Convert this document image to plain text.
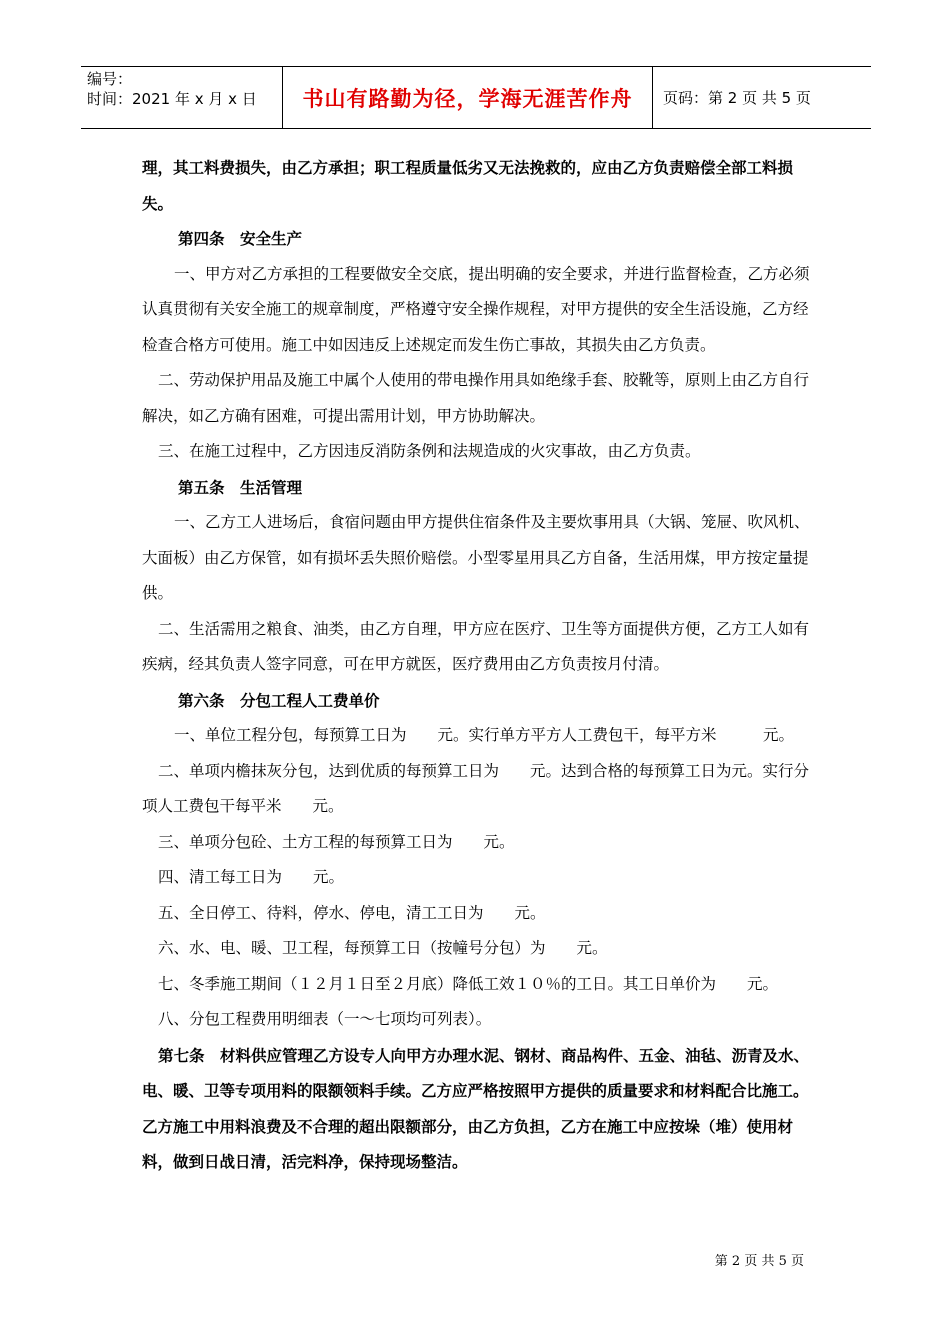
编号：
时间：2021 年 x 月 x 日	书山有路勤为径，学海无涯苦作舟	页码：第 2 页 共 5 页

理，其工料费损失，由乙方承担；职工程质量低劣又无法挽救的，应由乙方负责赔偿全部工料损失。

第四条　安全生产

一、甲方对乙方承担的工程要做安全交底，提出明确的安全要求，并进行监督检查，乙方必须认真贯彻有关安全施工的规章制度，严格遵守安全操作规程，对甲方提供的安全生活设施，乙方经检查合格方可使用。施工中如因违反上述规定而发生伤亡事故，其损失由乙方负责。

二、劳动保护用品及施工中属个人使用的带电操作用具如绝缘手套、胶靴等，原则上由乙方自行解决，如乙方确有困难，可提出需用计划，甲方协助解决。

三、在施工过程中，乙方因违反消防条例和法规造成的火灾事故，由乙方负责。

第五条　生活管理

一、乙方工人进场后，食宿问题由甲方提供住宿条件及主要炊事用具（大锅、笼屉、吹风机、大面板）由乙方保管，如有损坏丢失照价赔偿。小型零星用具乙方自备，生活用煤，甲方按定量提供。

二、生活需用之粮食、油类，由乙方自理，甲方应在医疗、卫生等方面提供方便，乙方工人如有疾病，经其负责人签字同意，可在甲方就医，医疗费用由乙方负责按月付清。

第六条　分包工程人工费单价

一、单位工程分包，每预算工日为　　元。实行单方平方人工费包干，每平方米　　　元。

二、单项内檐抹灰分包，达到优质的每预算工日为　　元。达到合格的每预算工日为元。实行分项人工费包干每平米　　元。

三、单项分包砼、土方工程的每预算工日为　　元。

四、清工每工日为　　元。

五、全日停工、待料，停水、停电，清工工日为　　元。

六、水、电、暖、卫工程，每预算工日（按幢号分包）为　　元。

七、冬季施工期间（１２月１日至２月底）降低工效１０％的工日。其工日单价为　　元。

八、分包工程费用明细表（一～七项均可列表）。

第七条　材料供应管理乙方设专人向甲方办理水泥、钢材、商品构件、五金、油毡、沥青及水、电、暖、卫等专项用料的限额领料手续。乙方应严格按照甲方提供的质量要求和材料配合比施工。乙方施工中用料浪费及不合理的超出限额部分，由乙方负担，乙方在施工中应按垛（堆）使用材料，做到日战日清，活完料净，保持现场整洁。

第 2 页 共 5 页
